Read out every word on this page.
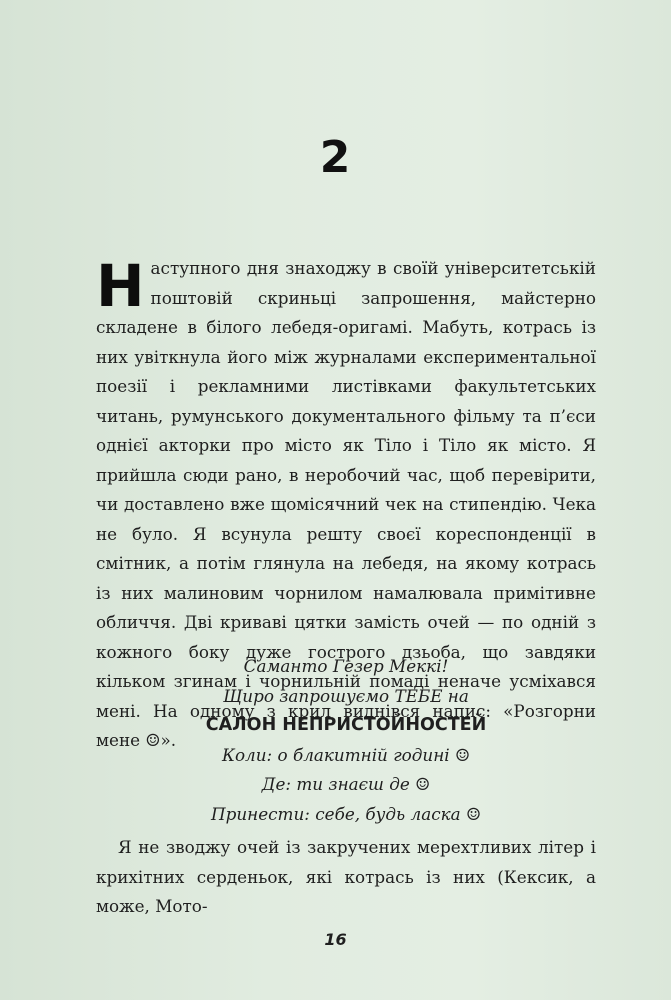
2
Наступного дня знаходжу в своїй університетській поштовій скриньці запрошення, майстерно складене в білого лебедя-оригамі. Мабуть, котрась із них увіткнула його між журналами експериментальної поезії і рекламними листівками факультетських читань, румунського документального фільму та п’єси однієї акторки про місто як Тіло і Тіло як місто. Я прийшла сюди рано, в неробочий час, щоб перевірити, чи доставлено вже щомісячний чек на стипендію. Чека не було. Я всунула решту своєї кореспонденції в смітник, а потім глянула на лебедя, на якому котрась із них малиновим чорнилом намалювала примітивне обличчя. Дві криваві цятки замість очей — по одній з кожного боку дуже гострого дзьоба, що завдяки кільком згинам і чорнильній помаді неначе усміхався мені. На одному з крил виднівся напис: «Розгорни мене ☺».
Саманто Гезер Меккі!
Щиро запрошуємо ТЕБЕ на
САЛОН НЕПРИСТОЙНОСТЕЙ
Коли: о блакитній годині ☺
Де: ти знаєш де ☺
Принести: себе, будь ласка ☺
Я не зводжу очей із закручених мерехтливих літер і крихітних серденьок, які котрась із них (Кексик, а може, Мото-
16
